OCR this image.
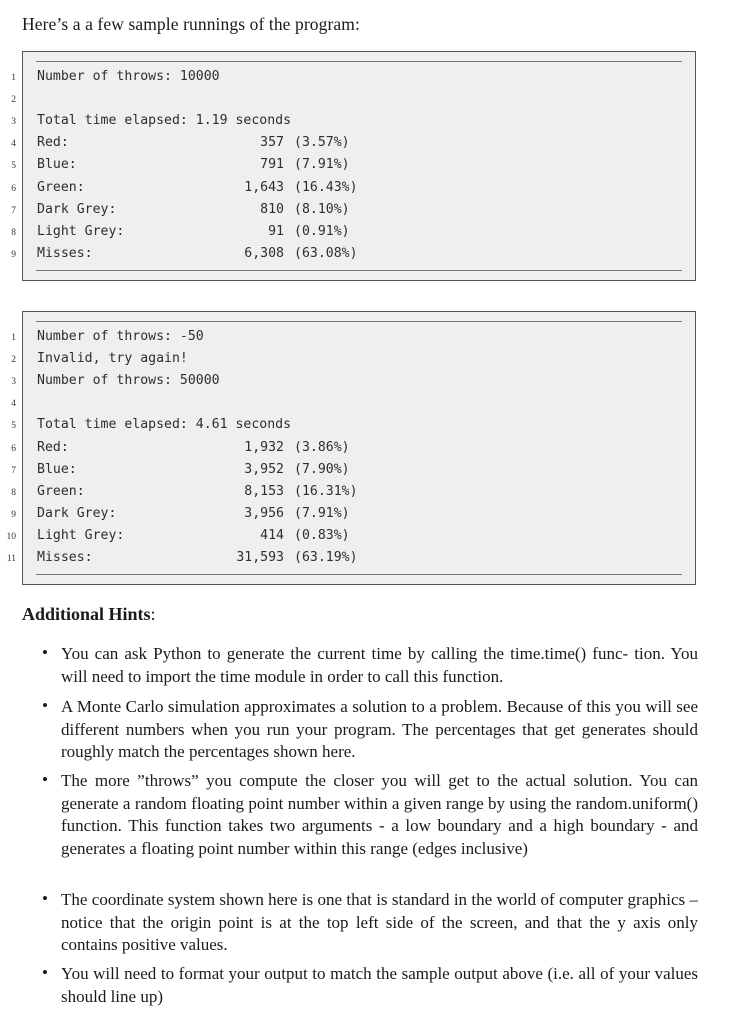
Here’s a a few sample runnings of the program:
1 Number of throws: 10000
2
3 Total time elapsed: 1.19 seconds
4 Red:	357 (3.57%)
5 Blue:	791 (7.91%)
6 Green:	1,643 (16.43%)
7 Dark Grey:	810 (8.10%)
8 Light Grey:	91 (0.91%)
9 Misses:	6,308 (63.08%)
1 Number of throws: -50
2 Invalid, try again!
3 Number of throws: 50000
4
5 Total time elapsed: 4.61 seconds
6 Red:	1,932 (3.86%)
7 Blue:	3,952 (7.90%)
8 Green:	8,153 (16.31%)
9 Dark Grey:	3,956 (7.91%)
10 Light Grey:	414 (0.83%)
11 Misses:	31,593 (63.19%)
Additional Hints:
• You can ask Python to generate the current time by calling the time.time() func- tion. You will need to import the time module in order to call this function.
• A Monte Carlo simulation approximates a solution to a problem. Because of this you will see different numbers when you run your program. The percentages that get generates should roughly match the percentages shown here.
• The more ”throws” you compute the closer you will get to the actual solution. You can generate a random floating point number within a given range by using the random.uniform() function. This function takes two arguments - a low boundary and a high boundary - and generates a floating point number within this range (edges inclusive)
• The coordinate system shown here is one that is standard in the world of computer graphics – notice that the origin point is at the top left side of the screen, and that the y axis only contains positive values.
• You will need to format your output to match the sample output above (i.e. all of your values should line up)
